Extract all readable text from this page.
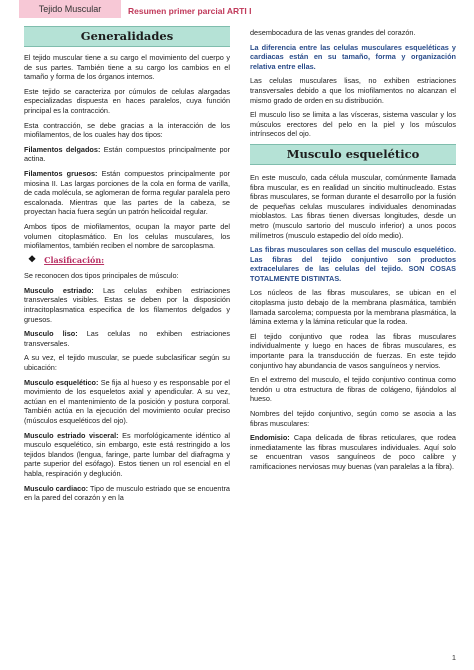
Tejido Muscular	Resumen primer parcial ARTI I
Generalidades

El tejido muscular tiene a su cargo el movimiento del cuerpo y de sus partes. También tiene a su cargo los cambios en el tamaño y forma de los órganos internos.

Este tejido se caracteriza por cúmulos de celulas alargadas especializadas dispuesta en haces paralelos, cuya función principal es la contracción.

Esta contracción, se debe gracias a la interacción de los miofilamentos, de los cuales hay dos tipos:

Filamentos delgados: Están compuestos principalmente por actina.

Filamentos gruesos: Están compuestos principalmente por miosina II. Las largas porciones de la cola en forma de varilla, de cada molécula, se aglomeran de forma regular paralela pero escalonada. Mientras que las partes de la cabeza, se proyectan hacia fuera según un patrón helicoidal regular.

Ambos tipos de miofilamentos, ocupan la mayor parte del volumen citoplasmático. En los celulas musculares, los miofilamentos, también reciben el nombre de sarcoplasma.

❖ Clasificación:

Se reconocen dos tipos principales de músculo:

Musculo estriado: Las celulas exhiben estriaciones transversales visibles. Estas se deben por la disposición intracitoplasmatica especifica de los filamentos delgados y gruesos.

Musculo liso: Las celulas no exhiben estriaciones transversales.

A su vez, el tejido muscular, se puede subclasificar según su ubicación:

Musculo esquelético: Se fija al hueso y es responsable por el movimiento de los esqueletos axial y apendicular. A su vez, actúan en el mantenimiento de la posición y postura corporal. También actúa en la ejecución del movimiento ocular preciso (músculos esqueléticos del ojo).

Musculo estriado visceral: Es morfológicamente idéntico al musculo esquelético, sin embargo, este está restringido a los tejidos blandos (lengua, faringe, parte lumbar del diafragma y parte superior del esófago). Estos tienen un rol esencial en el habla, respiración y deglución.

Musculo cardiaco: Tipo de musculo estriado que se encuentra en la pared del corazón y en la

desembocadura de las venas grandes del corazón.

La diferencia entre las celulas musculares esqueléticas y cardiacas están en su tamaño, forma y organización relativa entre ellas.

Las celulas musculares lisas, no exhiben estriaciones transversales debido a que los miofilamentos no alcanzan el mismo grado de orden en su distribución.

El musculo liso se limita a las vísceras, sistema vascular y los músculos erectores del pelo en la piel y los músculos intrínsecos del ojo.

Musculo esquelético

En este musculo, cada célula muscular, comúnmente llamada fibra muscular, es en realidad un sincitio multinucleado. Estas fibras musculares, se forman durante el desarrollo por la fusión de pequeñas celulas musculares individuales denominadas mioblastos. Las fibras tienen diversas longitudes, desde un metro (musculo sartorio del musculo inferior) a unos pocos milímetros (musculo estapedio del oído medio).

Las fibras musculares son cellas del musculo esquelético. Las fibras del tejido conjuntivo son productos extracelulares de las celulas del tejido. SON COSAS TOTALMENTE DISTINTAS.

Los núcleos de las fibras musculares, se ubican en el citoplasma justo debajo de la membrana plasmática, también llamada sarcolema; compuesta por la membrana plasmática, la lámina externa y la lámina reticular que la rodea.

El tejido conjuntivo que rodea las fibras musculares individualmente y luego en haces de fibras musculares, es importante para la transducción de fuerzas. En este tejido conjuntivo hay abundancia de vasos sanguíneos y nervios.

En el extremo del musculo, el tejido conjuntivo continua como tendón u otra estructura de fibras de colágeno, fijándolos al hueso.

Nombres del tejido conjuntivo, según como se asocia a las fibras musculares:

Endomisio: Capa delicada de fibras reticulares, que rodea inmediatamente las fibras musculares individuales. Aquí solo se encuentran vasos sanguíneos de poco calibre y ramificaciones nerviosas muy buenas (van paralelas a la fibra).

1
